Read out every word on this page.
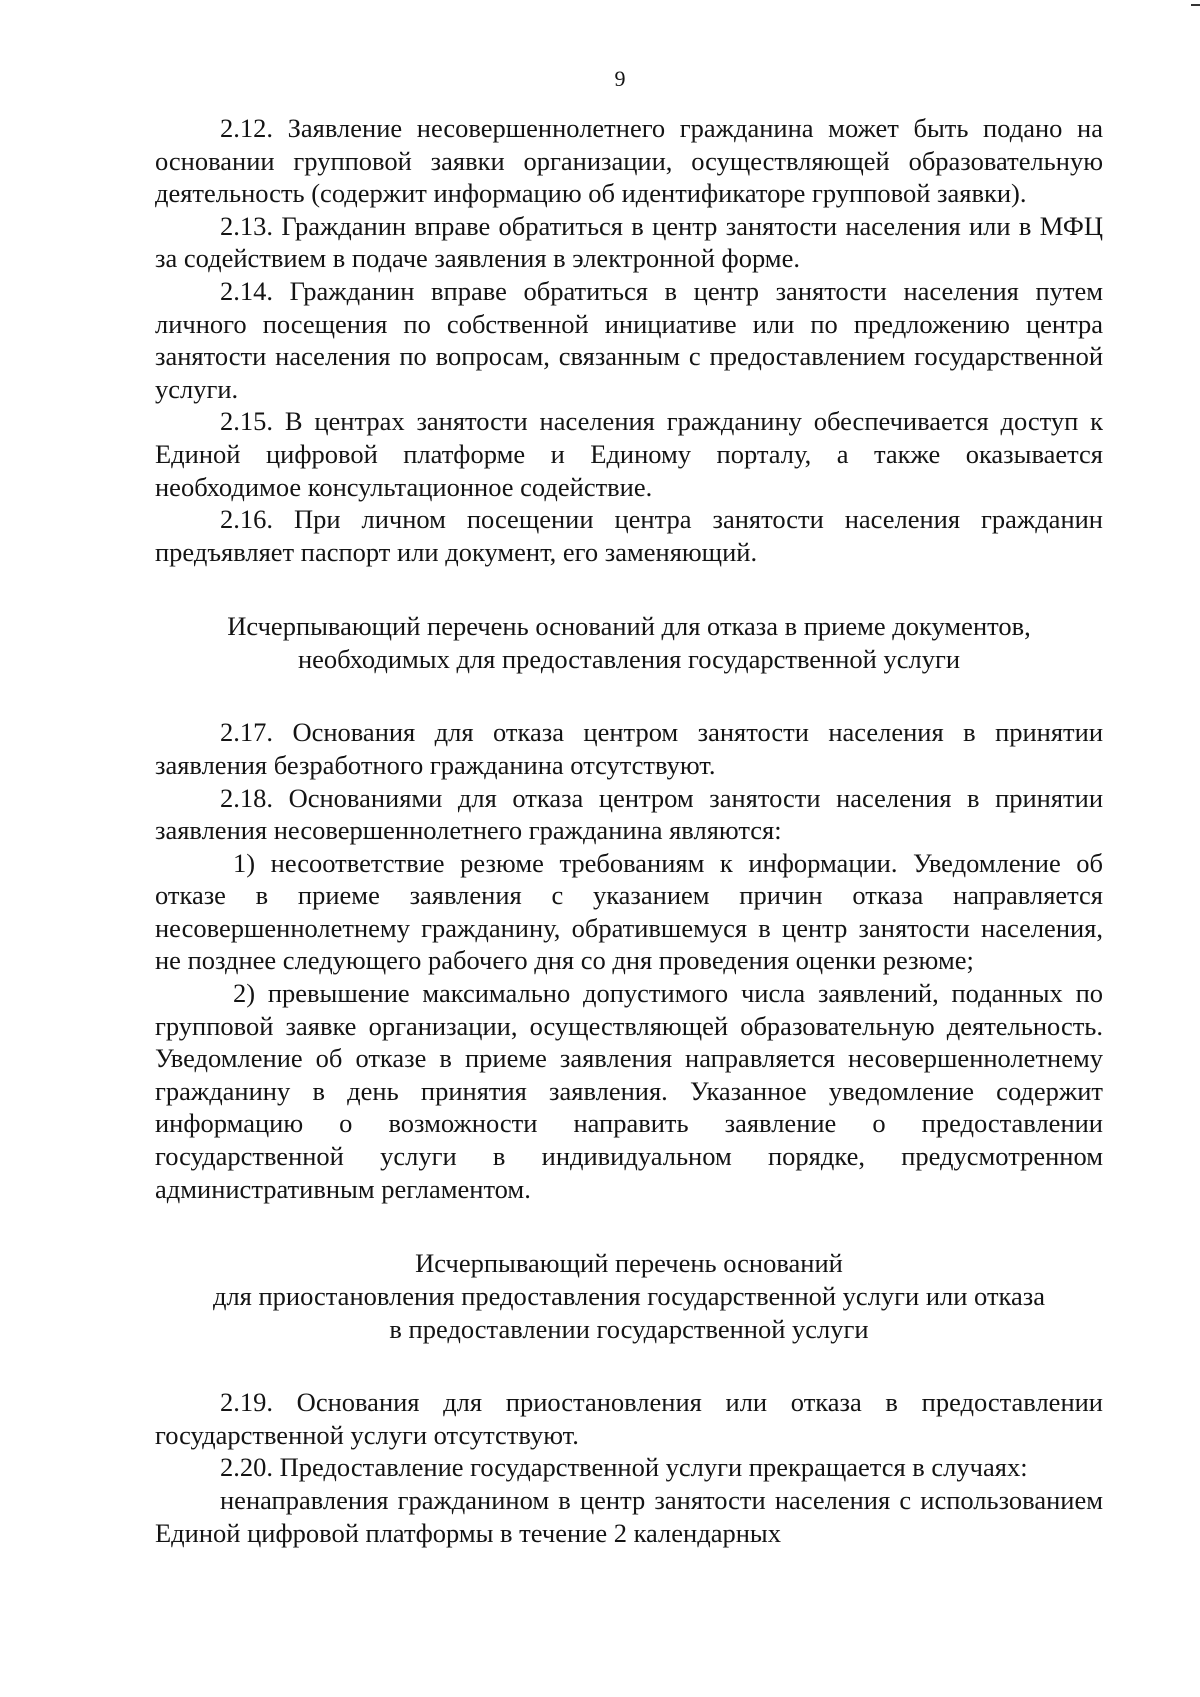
9

2.12. Заявление несовершеннолетнего гражданина может быть подано на основании групповой заявки организации, осуществляющей образовательную деятельность (содержит информацию об идентификаторе групповой заявки).

2.13. Гражданин вправе обратиться в центр занятости населения или в МФЦ за содействием в подаче заявления в электронной форме.

2.14. Гражданин вправе обратиться в центр занятости населения путем личного посещения по собственной инициативе или по предложению центра занятости населения по вопросам, связанным с предоставлением государственной услуги.

2.15. В центрах занятости населения гражданину обеспечивается доступ к Единой цифровой платформе и Единому порталу, а также оказывается необходимое консультационное содействие.

2.16. При личном посещении центра занятости населения гражданин предъявляет паспорт или документ, его заменяющий.

Исчерпывающий перечень оснований для отказа в приеме документов,
необходимых для предоставления государственной услуги

2.17. Основания для отказа центром занятости населения в принятии заявления безработного гражданина отсутствуют.

2.18. Основаниями для отказа центром занятости населения в принятии заявления несовершеннолетнего гражданина являются:

1) несоответствие резюме требованиям к информации. Уведомление об отказе в приеме заявления с указанием причин отказа направляется несовершеннолетнему гражданину, обратившемуся в центр занятости населения, не позднее следующего рабочего дня со дня проведения оценки резюме;

2) превышение максимально допустимого числа заявлений, поданных по групповой заявке организации, осуществляющей образовательную деятельность. Уведомление об отказе в приеме заявления направляется несовершеннолетнему гражданину в день принятия заявления. Указанное уведомление содержит информацию о возможности направить заявление о предоставлении государственной услуги в индивидуальном порядке, предусмотренном административным регламентом.

Исчерпывающий перечень оснований
для приостановления предоставления государственной услуги или отказа
в предоставлении государственной услуги

2.19. Основания для приостановления или отказа в предоставлении государственной услуги отсутствуют.

2.20. Предоставление государственной услуги прекращается в случаях:

ненаправления гражданином в центр занятости населения с использованием Единой цифровой платформы в течение 2 календарных
